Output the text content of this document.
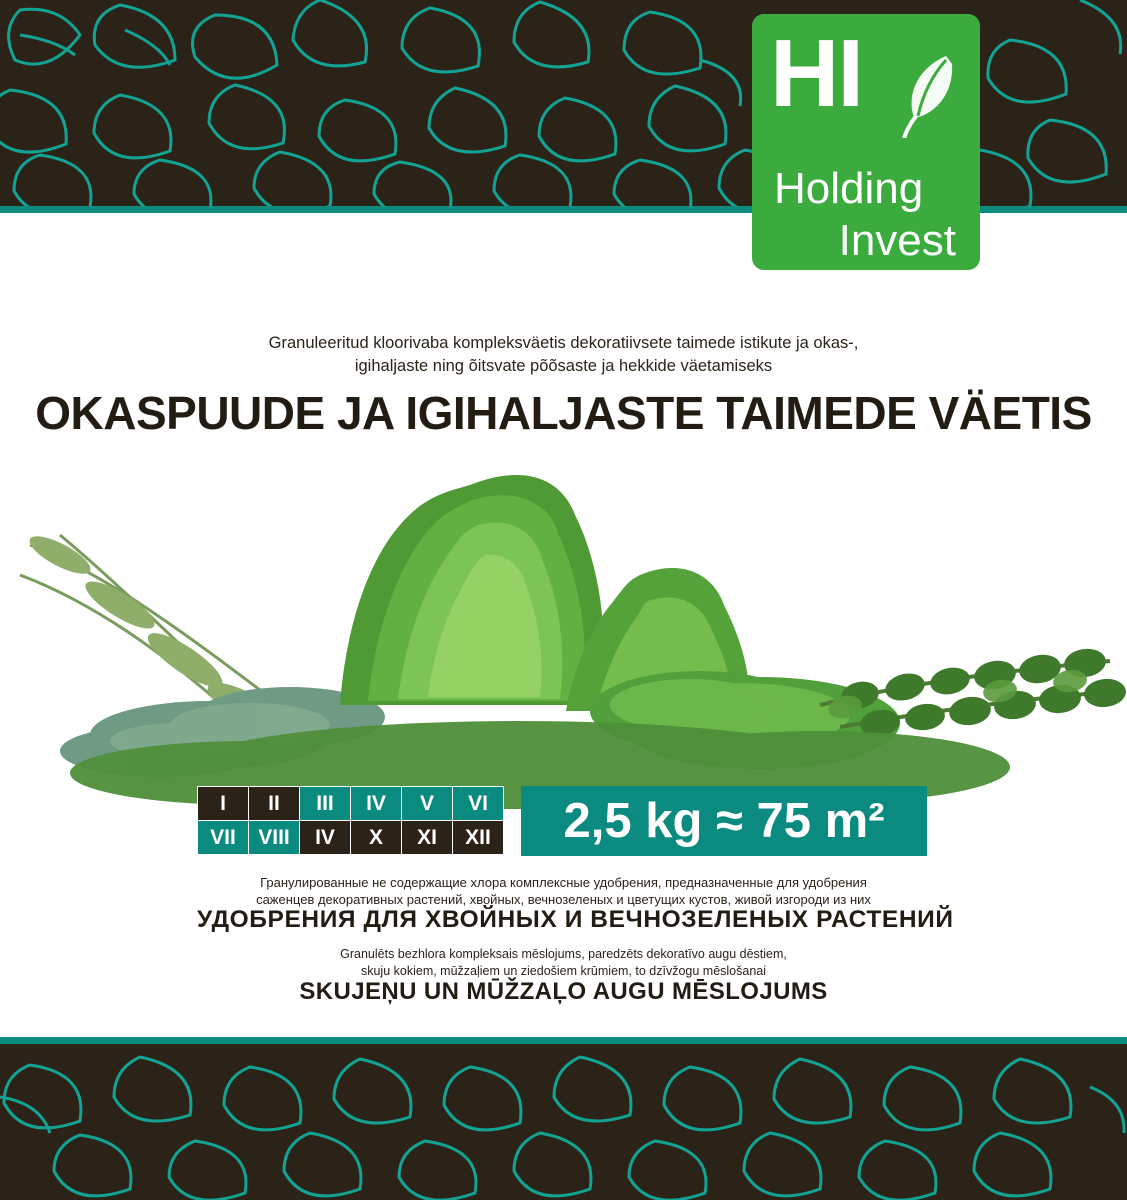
HI
Holding
Invest
Granuleeritud kloorivaba kompleksväetis dekoratiivsete taimede istikute ja okas-,
igihaljaste ning õitsvate põõsaste ja hekkide väetamiseks
OKASPUUDE JA IGIHALJASTE TAIMEDE VÄETIS
I	II	III	IV	V	VI
VII	VIII	IV	X	XI	XII 2,5 kg ≈ 75 m²
Гранулированные не содержащие хлора комплексные удобрения, предназначенные для удобрения
саженцев декоративных растений, хвойных, вечнозеленых и цветущих кустов, живой изгороди из них
УДОБРЕНИЯ ДЛЯ ХВОЙНЫХ И ВЕЧНОЗЕЛЕНЫХ РАСТЕНИЙ
Granulēts bezhlora kompleksais mēslojums, paredzēts dekoratīvo augu dēstiem,
skuju kokiem, mūžzaļiem un ziedošiem krūmiem, to dzīvžogu mēslošanai
SKUJEŅU UN MŪŽZAĻO AUGU MĒSLOJUMS
